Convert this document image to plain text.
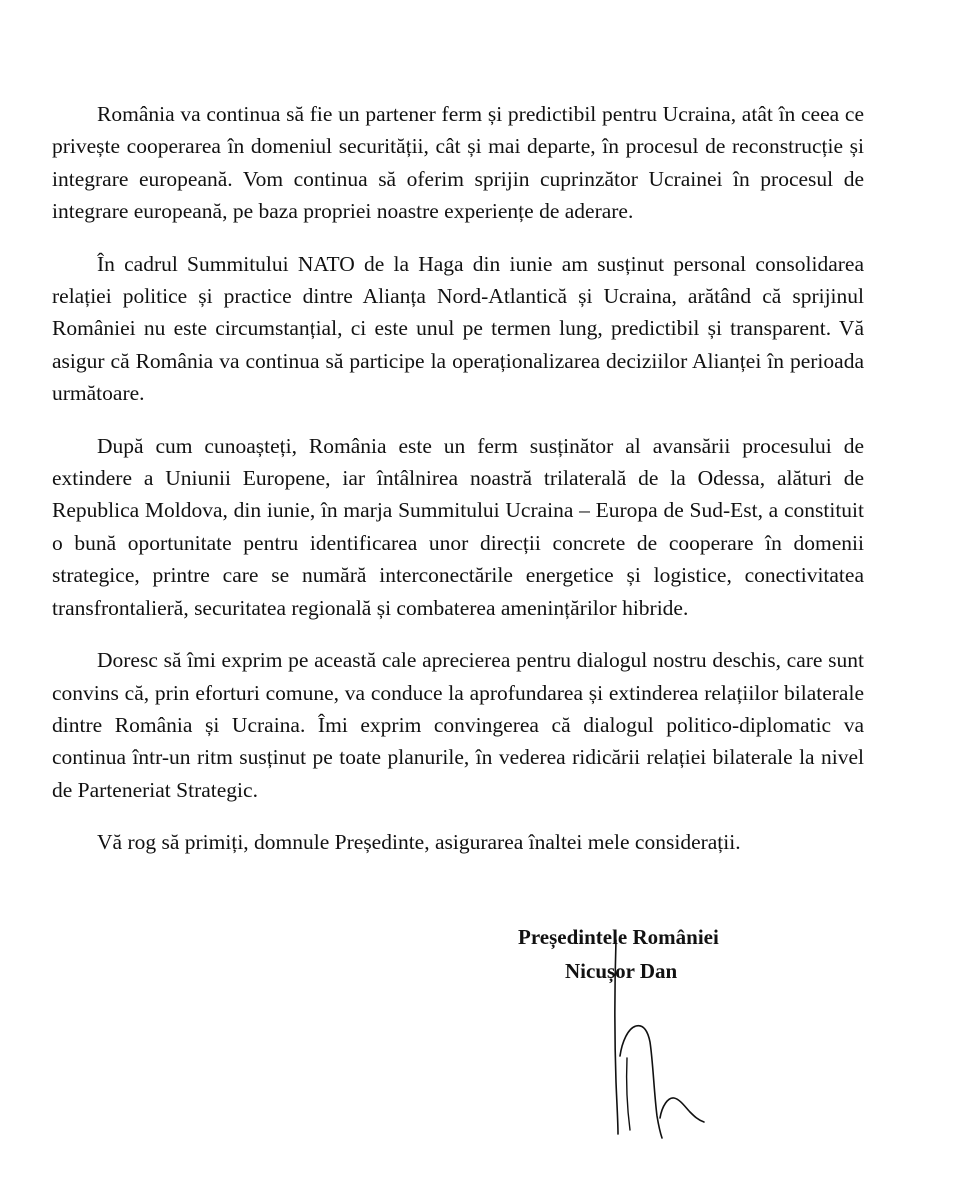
România va continua să fie un partener ferm și predictibil pentru Ucraina, atât în ceea ce privește cooperarea în domeniul securității, cât și mai departe, în procesul de reconstrucție și integrare europeană. Vom continua să oferim sprijin cuprinzător Ucrainei în procesul de integrare europeană, pe baza propriei noastre experiențe de aderare.

În cadrul Summitului NATO de la Haga din iunie am susținut personal consolidarea relației politice și practice dintre Alianța Nord-Atlantică și Ucraina, arătând că sprijinul României nu este circumstanțial, ci este unul pe termen lung, predictibil și transparent. Vă asigur că România va continua să participe la operaționalizarea deciziilor Alianței în perioada următoare.

După cum cunoașteți, România este un ferm susținător al avansării procesului de extindere a Uniunii Europene, iar întâlnirea noastră trilaterală de la Odessa, alături de Republica Moldova, din iunie, în marja Summitului Ucraina – Europa de Sud-Est, a constituit o bună oportunitate pentru identificarea unor direcții concrete de cooperare în domenii strategice, printre care se numără interconectările energetice și logistice, conectivitatea transfrontalieră, securitatea regională și combaterea amenințărilor hibride.

Doresc să îmi exprim pe această cale aprecierea pentru dialogul nostru deschis, care sunt convins că, prin eforturi comune, va conduce la aprofundarea și extinderea relațiilor bilaterale dintre România și Ucraina. Îmi exprim convingerea că dialogul politico-diplomatic va continua într-un ritm susținut pe toate planurile, în vederea ridicării relației bilaterale la nivel de Parteneriat Strategic.

Vă rog să primiți, domnule Președinte, asigurarea înaltei mele considerații.

Președintele României
Nicușor Dan
